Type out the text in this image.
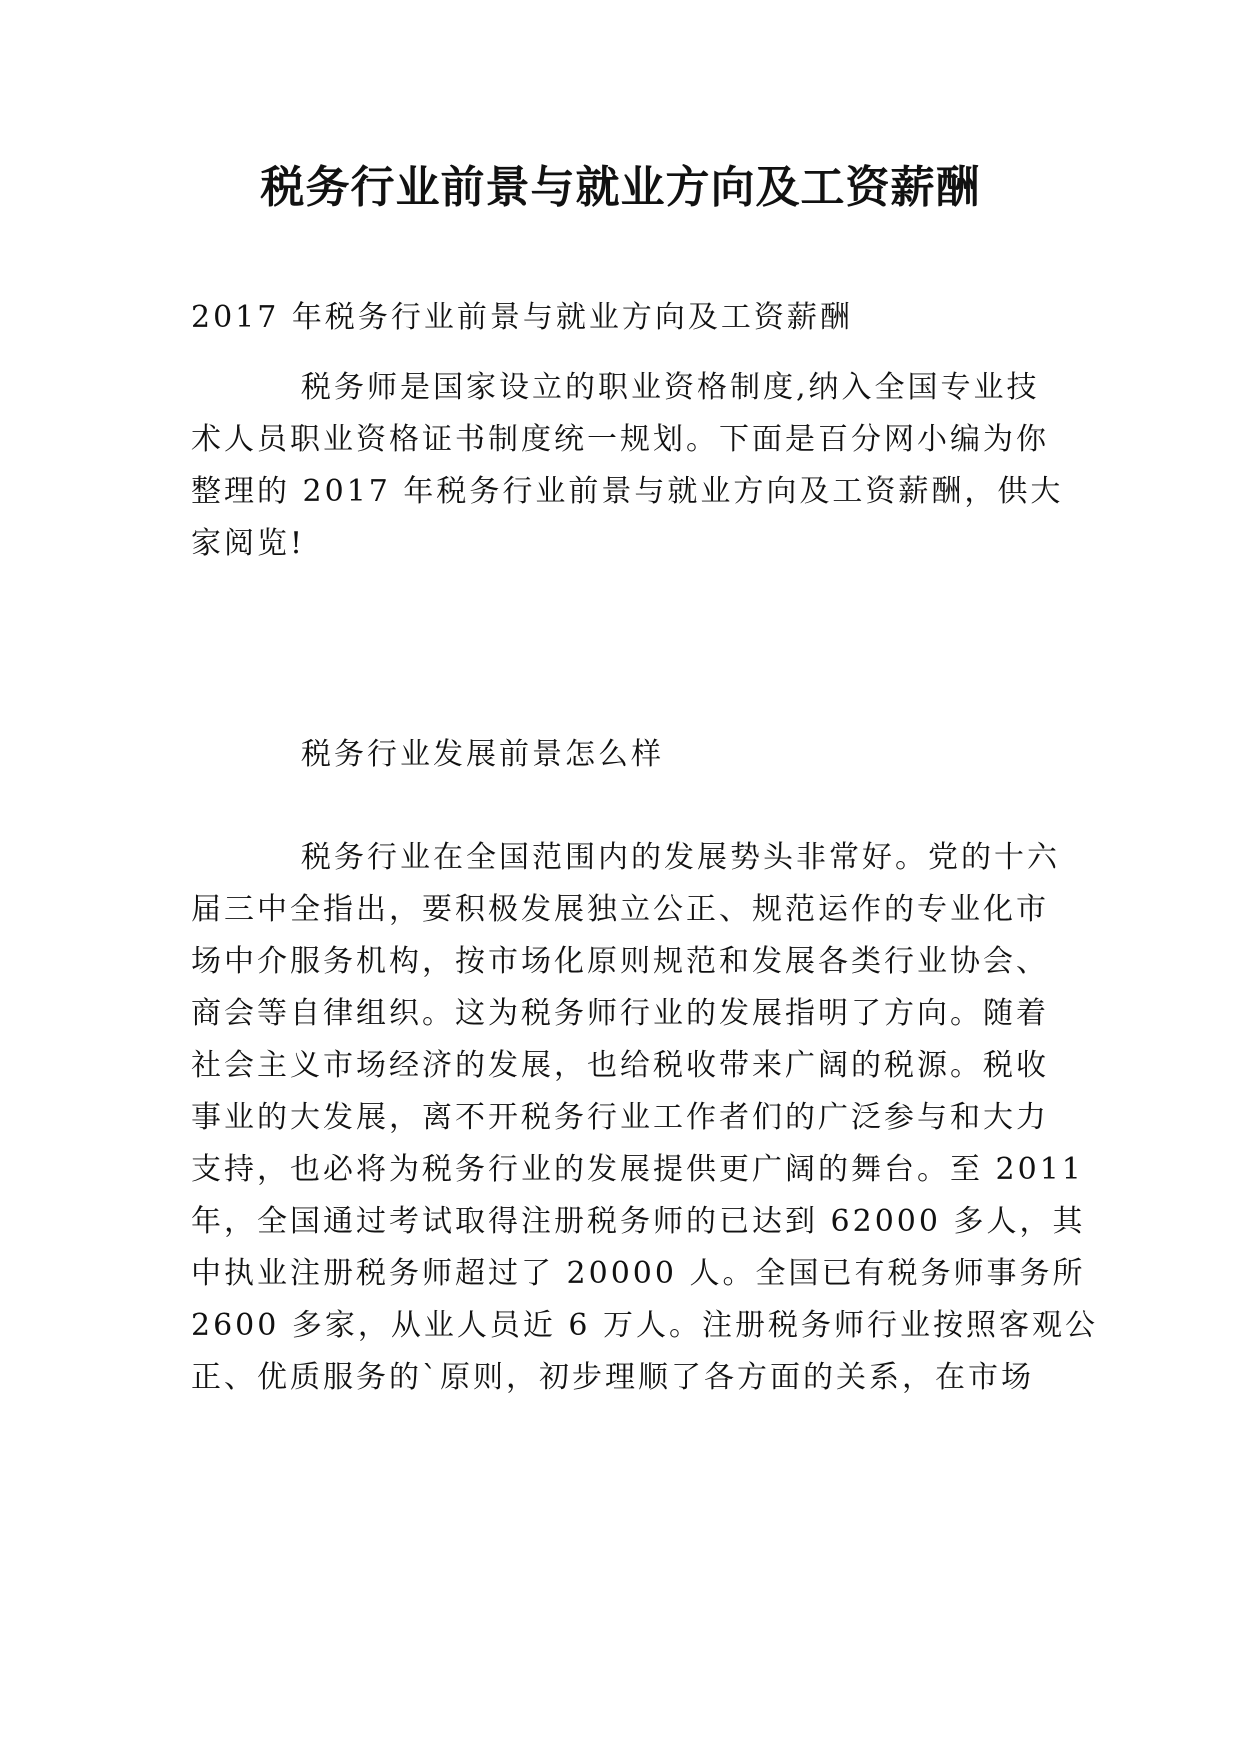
税务行业前景与就业方向及工资薪酬

2017 年税务行业前景与就业方向及工资薪酬

税务师是国家设立的职业资格制度,纳入全国专业技

术人员职业资格证书制度统一规划。下面是百分网小编为你

整理的 2017 年税务行业前景与就业方向及工资薪酬，供大

家阅览!

税务行业发展前景怎么样

税务行业在全国范围内的发展势头非常好。党的十六

届三中全指出，要积极发展独立公正、规范运作的专业化市

场中介服务机构，按市场化原则规范和发展各类行业协会、

商会等自律组织。这为税务师行业的发展指明了方向。随着

社会主义市场经济的发展，也给税收带来广阔的税源。税收

事业的大发展，离不开税务行业工作者们的广泛参与和大力

支持，也必将为税务行业的发展提供更广阔的舞台。至 2011

年，全国通过考试取得注册税务师的已达到 62000 多人，其

中执业注册税务师超过了 20000 人。全国已有税务师事务所

2600 多家，从业人员近 6 万人。注册税务师行业按照客观公

正、优质服务的`原则，初步理顺了各方面的关系，在市场
